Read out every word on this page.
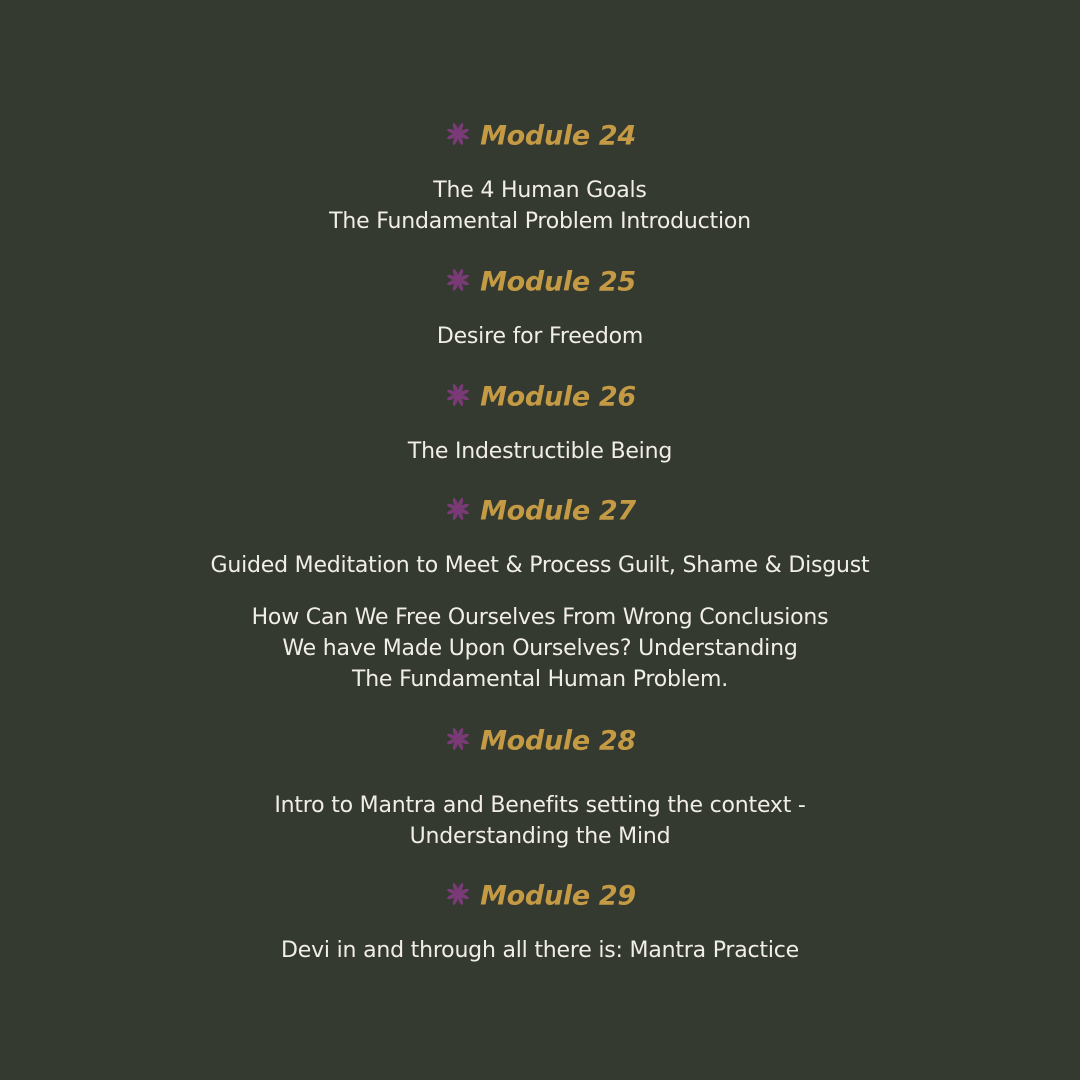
Module 24
The 4 Human Goals
The Fundamental Problem Introduction
Module 25
Desire for Freedom
Module 26
The Indestructible Being
Module 27
Guided Meditation to Meet & Process Guilt, Shame & Disgust
How Can We Free Ourselves From Wrong Conclusions
We have Made Upon Ourselves? Understanding
The Fundamental Human Problem.
Module 28
Intro to Mantra and Benefits setting the context -
Understanding the Mind
Module 29
Devi in and through all there is: Mantra Practice
